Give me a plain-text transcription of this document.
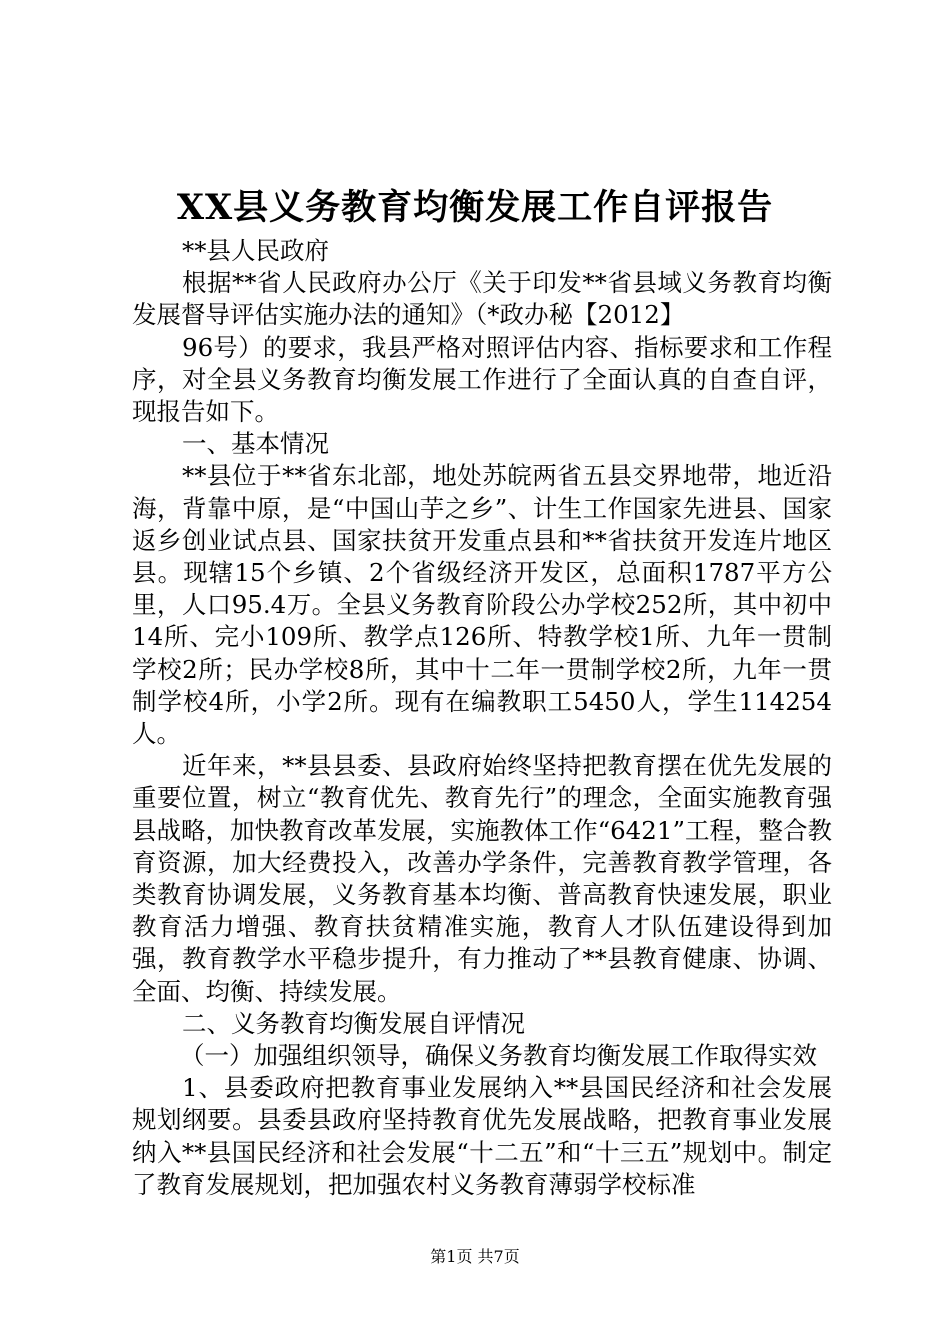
XX县义务教育均衡发展工作自评报告

**县人民政府

根据**省人民政府办公厅《关于印发**省县域义务教育均衡发展督导评估实施办法的通知》（*政办秘【2012】

96号）的要求，我县严格对照评估内容、指标要求和工作程序，对全县义务教育均衡发展工作进行了全面认真的自查自评，现报告如下。

一、基本情况

**县位于**省东北部，地处苏皖两省五县交界地带，地近沿海，背靠中原，是“中国山芋之乡”、计生工作国家先进县、国家返乡创业试点县、国家扶贫开发重点县和**省扶贫开发连片地区县。现辖15个乡镇、2个省级经济开发区，总面积1787平方公里，人口95.4万。全县义务教育阶段公办学校252所，其中初中14所、完小109所、教学点126所、特教学校1所、九年一贯制学校2所；民办学校8所，其中十二年一贯制学校2所，九年一贯制学校4所，小学2所。现有在编教职工5450人，学生114254人。

近年来，**县县委、县政府始终坚持把教育摆在优先发展的重要位置，树立“教育优先、教育先行”的理念，全面实施教育强县战略，加快教育改革发展，实施教体工作“6421”工程，整合教育资源，加大经费投入，改善办学条件，完善教育教学管理，各类教育协调发展，义务教育基本均衡、普高教育快速发展，职业教育活力增强、教育扶贫精准实施，教育人才队伍建设得到加强，教育教学水平稳步提升，有力推动了**县教育健康、协调、全面、均衡、持续发展。

二、义务教育均衡发展自评情况

（一）加强组织领导，确保义务教育均衡发展工作取得实效

1、县委政府把教育事业发展纳入**县国民经济和社会发展规划纲要。县委县政府坚持教育优先发展战略，把教育事业发展纳入**县国民经济和社会发展“十二五”和“十三五”规划中。制定了教育发展规划，把加强农村义务教育薄弱学校标准

第1页 共7页
